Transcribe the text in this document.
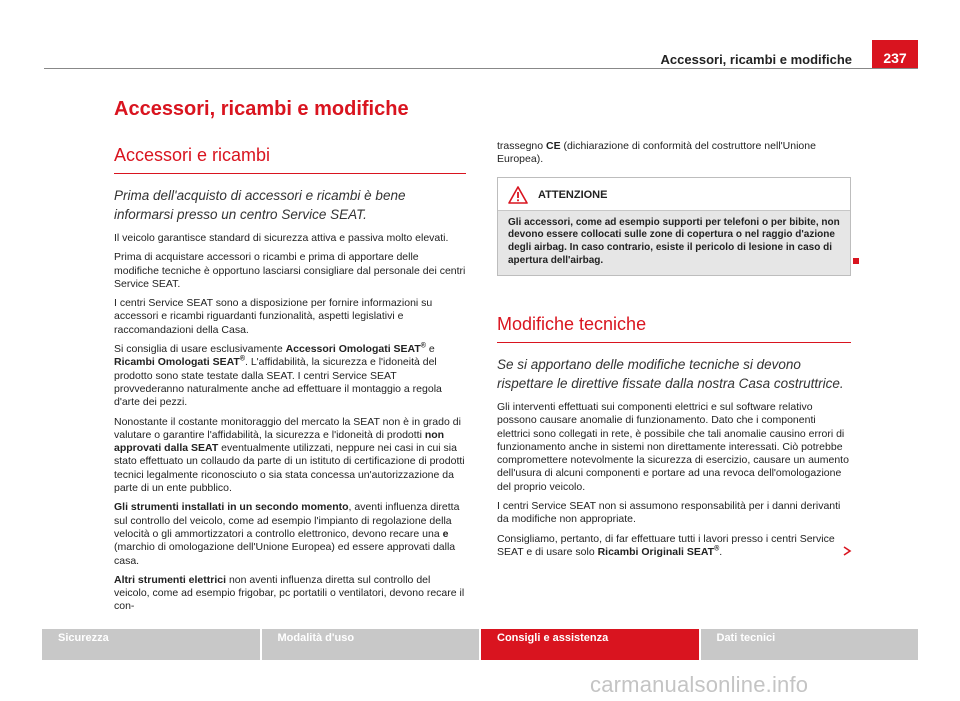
Accessori, ricambi e modifiche	237
Accessori, ricambi e modifiche
Accessori e ricambi
Prima dell'acquisto di accessori e ricambi è bene informarsi presso un centro Service SEAT.

Il veicolo garantisce standard di sicurezza attiva e passiva molto elevati.

Prima di acquistare accessori o ricambi e prima di apportare delle modifiche tecniche è opportuno lasciarsi consigliare dal personale dei centri Service SEAT.

I centri Service SEAT sono a disposizione per fornire informazioni su accessori e ricambi riguardanti funzionalità, aspetti legislativi e raccomandazioni della Casa.

Si consiglia di usare esclusivamente Accessori Omologati SEAT® e Ricambi Omologati SEAT®. L'affidabilità, la sicurezza e l'idoneità del prodotto sono state testate dalla SEAT. I centri Service SEAT provvederanno naturalmente anche ad effettuare il montaggio a regola d'arte dei pezzi.

Nonostante il costante monitoraggio del mercato la SEAT non è in grado di valutare o garantire l'affidabilità, la sicurezza e l'idoneità di prodotti non approvati dalla SEAT eventualmente utilizzati, neppure nei casi in cui sia stato effettuato un collaudo da parte di un istituto di certificazione di prodotti tecnici legalmente riconosciuto o sia stata concessa un'autorizzazione da parte di un ente pubblico.

Gli strumenti installati in un secondo momento, aventi influenza diretta sul controllo del veicolo, come ad esempio l'impianto di regolazione della velocità o gli ammortizzatori a controllo elettronico, devono recare una e (marchio di omologazione dell'Unione Europea) ed essere approvati dalla casa.

Altri strumenti elettrici non aventi influenza diretta sul controllo del veicolo, come ad esempio frigobar, pc portatili o ventilatori, devono recare il con-

trassegno CE (dichiarazione di conformità del costruttore nell'Unione Europea).

ATTENZIONE
Gli accessori, come ad esempio supporti per telefoni o per bibite, non devono essere collocati sulle zone di copertura o nel raggio d'azione degli airbag. In caso contrario, esiste il pericolo di lesione in caso di apertura dell'airbag.
Modifiche tecniche
Se si apportano delle modifiche tecniche si devono rispettare le direttive fissate dalla nostra Casa costruttrice.

Gli interventi effettuati sui componenti elettrici e sul software relativo possono causare anomalie di funzionamento. Dato che i componenti elettrici sono collegati in rete, è possibile che tali anomalie causino errori di funzionamento anche in sistemi non direttamente interessati. Ciò potrebbe compromettere notevolmente la sicurezza di esercizio, causare un aumento dell'usura di alcuni componenti e portare ad una revoca dell'omologazione del proprio veicolo.

I centri Service SEAT non si assumono responsabilità per i danni derivanti da modifiche non appropriate.

Consigliamo, pertanto, di far effettuare tutti i lavori presso i centri Service SEAT e di usare solo Ricambi Originali SEAT®.

Sicurezza	Modalità d'uso	Consigli e assistenza	Dati tecnici
carmanualsonline.info
